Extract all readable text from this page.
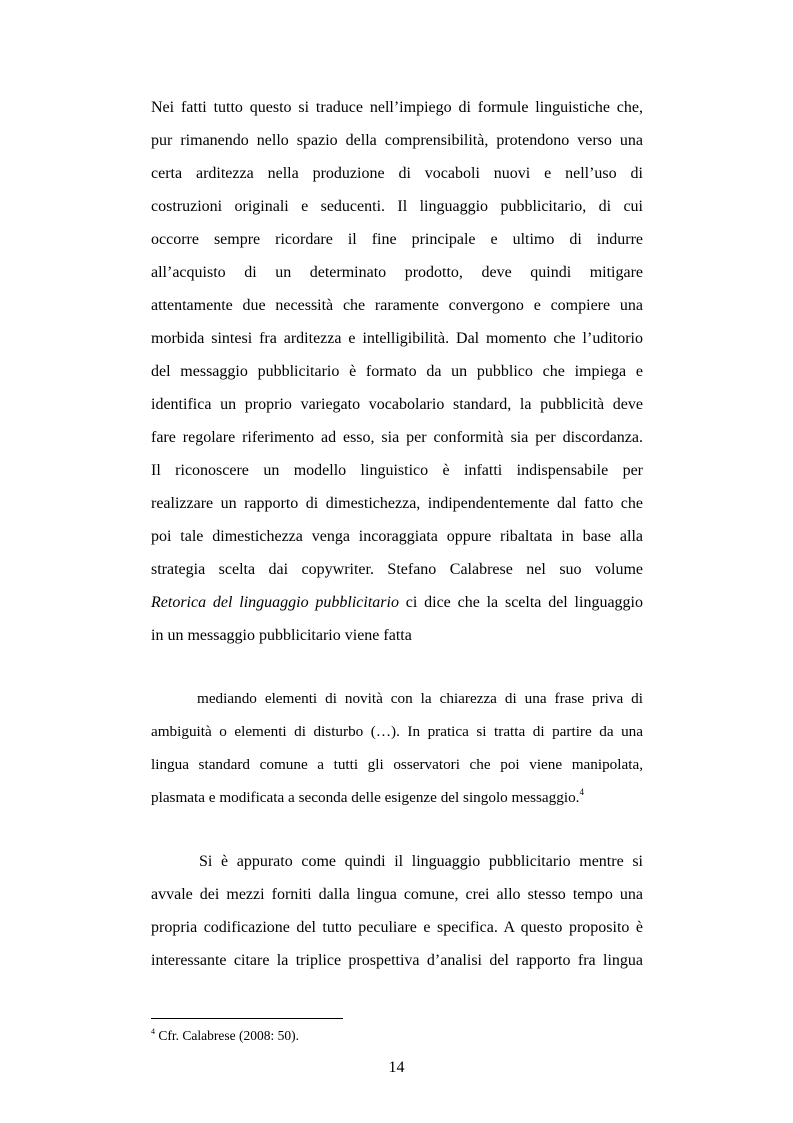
Nei fatti tutto questo si traduce nell’impiego di formule linguistiche che,
pur rimanendo nello spazio della comprensibilità, protendono verso una
certa arditezza nella produzione di vocaboli nuovi e nell’uso di
costruzioni originali e seducenti. Il linguaggio pubblicitario, di cui
occorre sempre ricordare il fine principale e ultimo di indurre
all’acquisto di un determinato prodotto, deve quindi mitigare
attentamente due necessità che raramente convergono e compiere una
morbida sintesi fra arditezza e intelligibilità. Dal momento che l’uditorio
del messaggio pubblicitario è formato da un pubblico che impiega e
identifica un proprio variegato vocabolario standard, la pubblicità deve
fare regolare riferimento ad esso, sia per conformità sia per discordanza.
Il riconoscere un modello linguistico è infatti indispensabile per
realizzare un rapporto di dimestichezza, indipendentemente dal fatto che
poi tale dimestichezza venga incoraggiata oppure ribaltata in base alla
strategia scelta dai copywriter. Stefano Calabrese nel suo volume
Retorica del linguaggio pubblicitario ci dice che la scelta del linguaggio
in un messaggio pubblicitario viene fatta
mediando elementi di novità con la chiarezza di una frase priva di
ambiguità o elementi di disturbo (…). In pratica si tratta di partire da una
lingua standard comune a tutti gli osservatori che poi viene manipolata,
plasmata e modificata a seconda delle esigenze del singolo messaggio.$^4$
Si è appurato come quindi il linguaggio pubblicitario mentre si
avvale dei mezzi forniti dalla lingua comune, crei allo stesso tempo una
propria codificazione del tutto peculiare e specifica. A questo proposito è
interessante citare la triplice prospettiva d’analisi del rapporto fra lingua
$^4$ Cfr. Calabrese (2008: 50).
14
